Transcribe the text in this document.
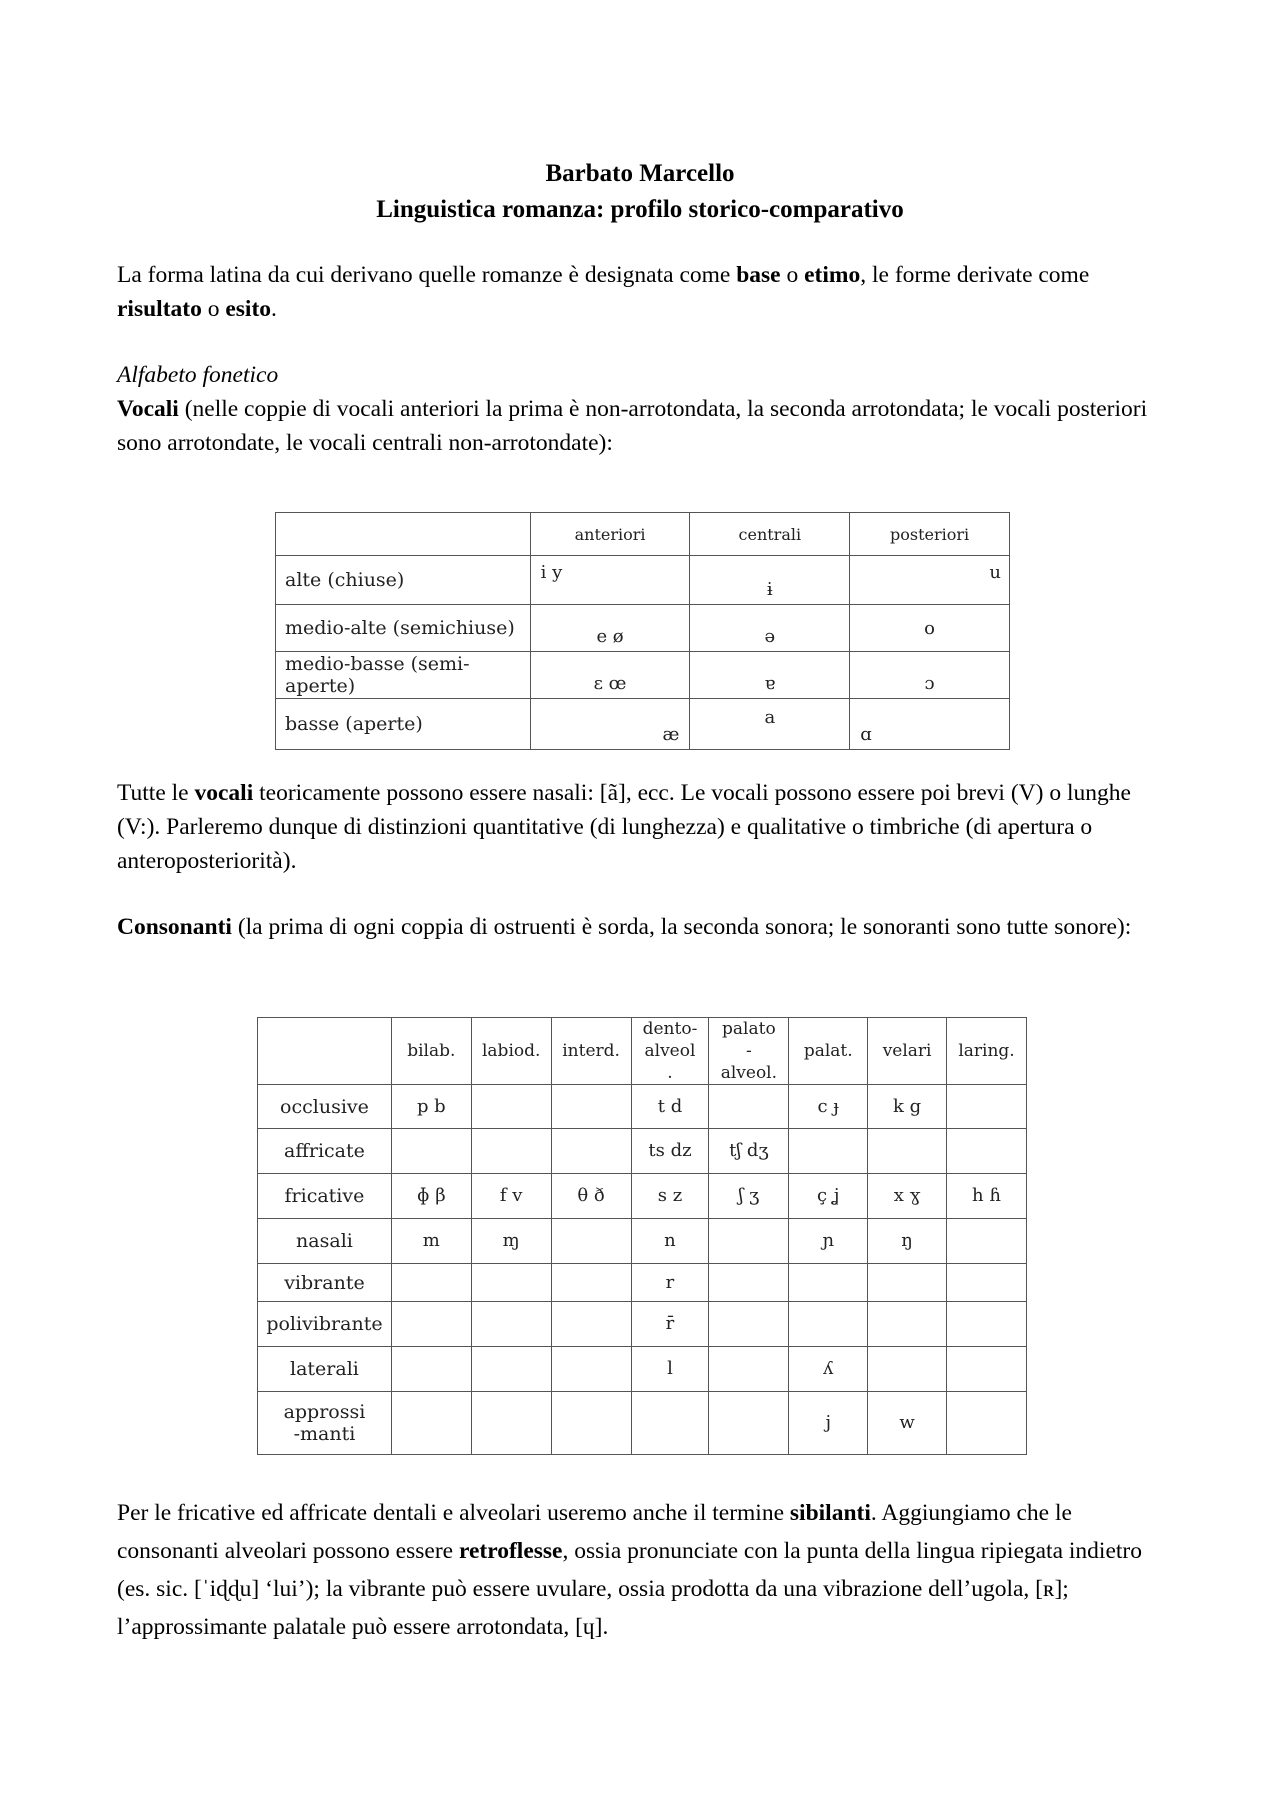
Barbato Marcello
Linguistica romanza: profilo storico-comparativo

La forma latina da cui derivano quelle romanze è designata come base o etimo, le forme derivate come risultato o esito.

Alfabeto fonetico

Vocali (nelle coppie di vocali anteriori la prima è non-arrotondata, la seconda arrotondata; le vocali posteriori sono arrotondate, le vocali centrali non-arrotondate):

	anteriori	centrali	posteriori
alte (chiuse)	i y	ɨ	u
medio-alte (semichiuse)	e ø	ə	o
medio-basse (semi-aperte)	ɛ œ	ɐ	ɔ
basse (aperte)	æ	a	ɑ

Tutte le vocali teoricamente possono essere nasali: [ã], ecc. Le vocali possono essere poi brevi (V) o lunghe (V:). Parleremo dunque di distinzioni quantitative (di lunghezza) e qualitative o timbriche (di apertura o anteroposteriorità).

Consonanti (la prima di ogni coppia di ostruenti è sorda, la seconda sonora; le sonoranti sono tutte sonore):

	bilab.	labiod.	interd.	dento-alveol.	palato-alveol.	palat.	velari	laring.
occlusive	p b			t d		c ɟ	k g	
affricate				ts dz	tʃ dʒ			
fricative	ɸ β	f v	θ ð	s z	ʃ ʒ	ç ʝ	x ɣ	h ɦ
nasali	m	ɱ		n		ɲ	ŋ	
vibrante				r				
polivibrante				r̄				
laterali				l		ʎ		
approssi-manti						j	w	

Per le fricative ed affricate dentali e alveolari useremo anche il termine sibilanti. Aggiungiamo che le consonanti alveolari possono essere retroflesse, ossia pronunciate con la punta della lingua ripiegata indietro (es. sic. [ˈiɖɖu] ‘lui’); la vibrante può essere uvulare, ossia prodotta da una vibrazione dell’ugola, [ʀ]; l’approssimante palatale può essere arrotondata, [ɥ].
